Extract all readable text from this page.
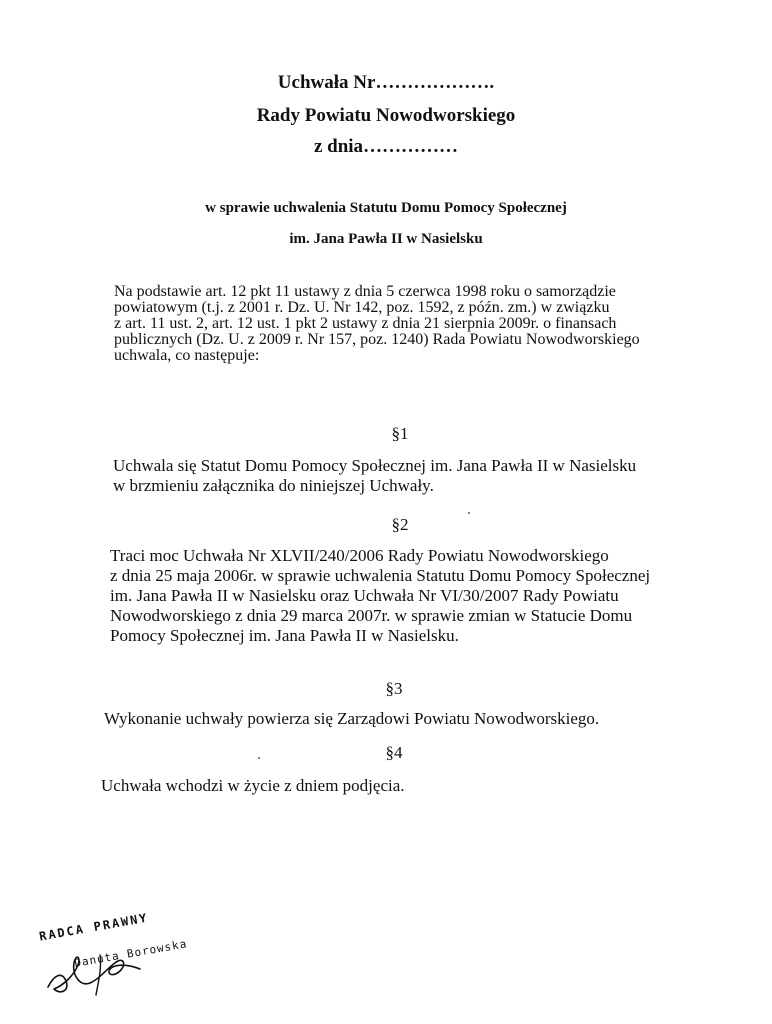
Uchwała Nr……………….
Rady Powiatu Nowodworskiego
z dnia……………
w sprawie uchwalenia Statutu Domu Pomocy Społecznej
im. Jana Pawła II w Nasielsku
Na podstawie art. 12 pkt 11 ustawy z dnia 5 czerwca 1998 roku o samorządzie
powiatowym (t.j. z 2001 r. Dz. U. Nr 142, poz. 1592, z późn. zm.) w związku
z art. 11 ust. 2, art. 12 ust. 1 pkt 2 ustawy z dnia 21 sierpnia 2009r. o finansach
publicznych (Dz. U. z 2009 r. Nr 157, poz. 1240) Rada Powiatu Nowodworskiego
uchwala, co następuje:
§1
Uchwala się Statut Domu Pomocy Społecznej im. Jana Pawła II w Nasielsku
w brzmieniu załącznika do niniejszej Uchwały.
§2
Traci moc Uchwała Nr XLVII/240/2006 Rady Powiatu Nowodworskiego
z dnia 25 maja 2006r. w sprawie uchwalenia Statutu Domu Pomocy Społecznej
im. Jana Pawła II w Nasielsku oraz Uchwała Nr VI/30/2007 Rady Powiatu
Nowodworskiego z dnia 29 marca 2007r. w sprawie zmian w Statucie Domu
Pomocy Społecznej im. Jana Pawła II w Nasielsku.
§3
Wykonanie uchwały powierza się Zarządowi Powiatu Nowodworskiego.
§4
Uchwała wchodzi w życie z dniem podjęcia.
RADCA PRAWNY
Danuta Borowska
